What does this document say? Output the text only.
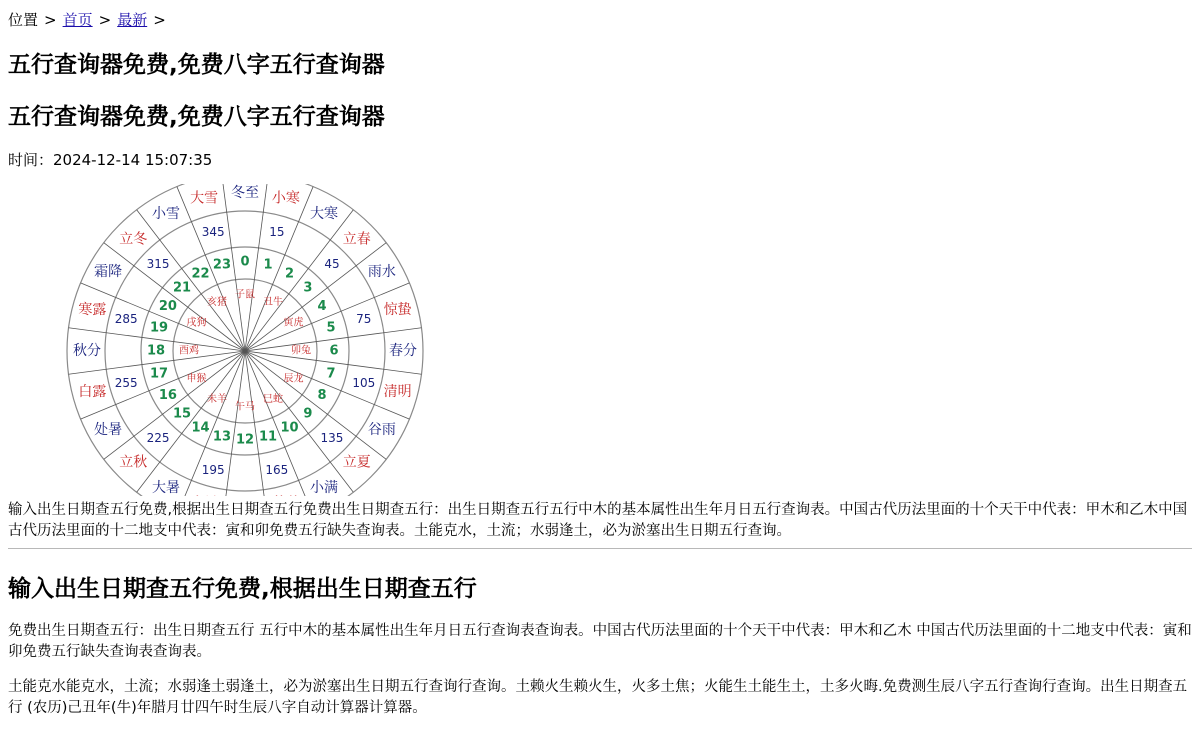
位置 > 首页 > 最新 >
五行查询器免费,免费八字五行查询器
五行查询器免费,免费八字五行查询器
时间：2024-12-14 15:07:35
冬至 小寒
大寒
立春
雨水
惊蛰
春分
清明
谷雨
立夏
小满
大暑
立秋
处暑
白露
秋分
寒露
霜降
立冬
小雪
大雪
15
45
75
105
135
165
195
225
255
285
315
345
0 1
2
3
4
5
6
7
8
9
10
11
12
13
14
15
16
17
18
19
20
21
22
23
子鼠
丑牛
寅虎
卯兔
辰龙
巳蛇
午马
未羊
申猴
酉鸡
戌狗
亥猪

输入出生日期查五行免费,根据出生日期查五行免费出生日期查五行：出生日期查五行五行中木的基本属性出生年月日五行查询表。中国古代历法里面的十个天干中代表：甲木和乙木中国古代历法里面的十二地支中代表：寅和卯免费五行缺失查询表。土能克水，土流；水弱逢土，必为淤塞出生日期五行查询。

输入出生日期查五行免费,根据出生日期查五行

免费出生日期查五行：出生日期查五行 五行中木的基本属性出生年月日五行查询表查询表。中国古代历法里面的十个天干中代表：甲木和乙木 中国古代历法里面的十二地支中代表：寅和卯免费五行缺失查询表查询表。

土能克水能克水，土流；水弱逢土弱逢土，必为淤塞出生日期五行查询行查询。土赖火生赖火生，火多土焦；火能生土能生土，土多火晦.免费测生辰八字五行查询行查询。出生日期查五行 (农历)己丑年(牛)年腊月廿四午时生辰八字自动计算器计算器。
